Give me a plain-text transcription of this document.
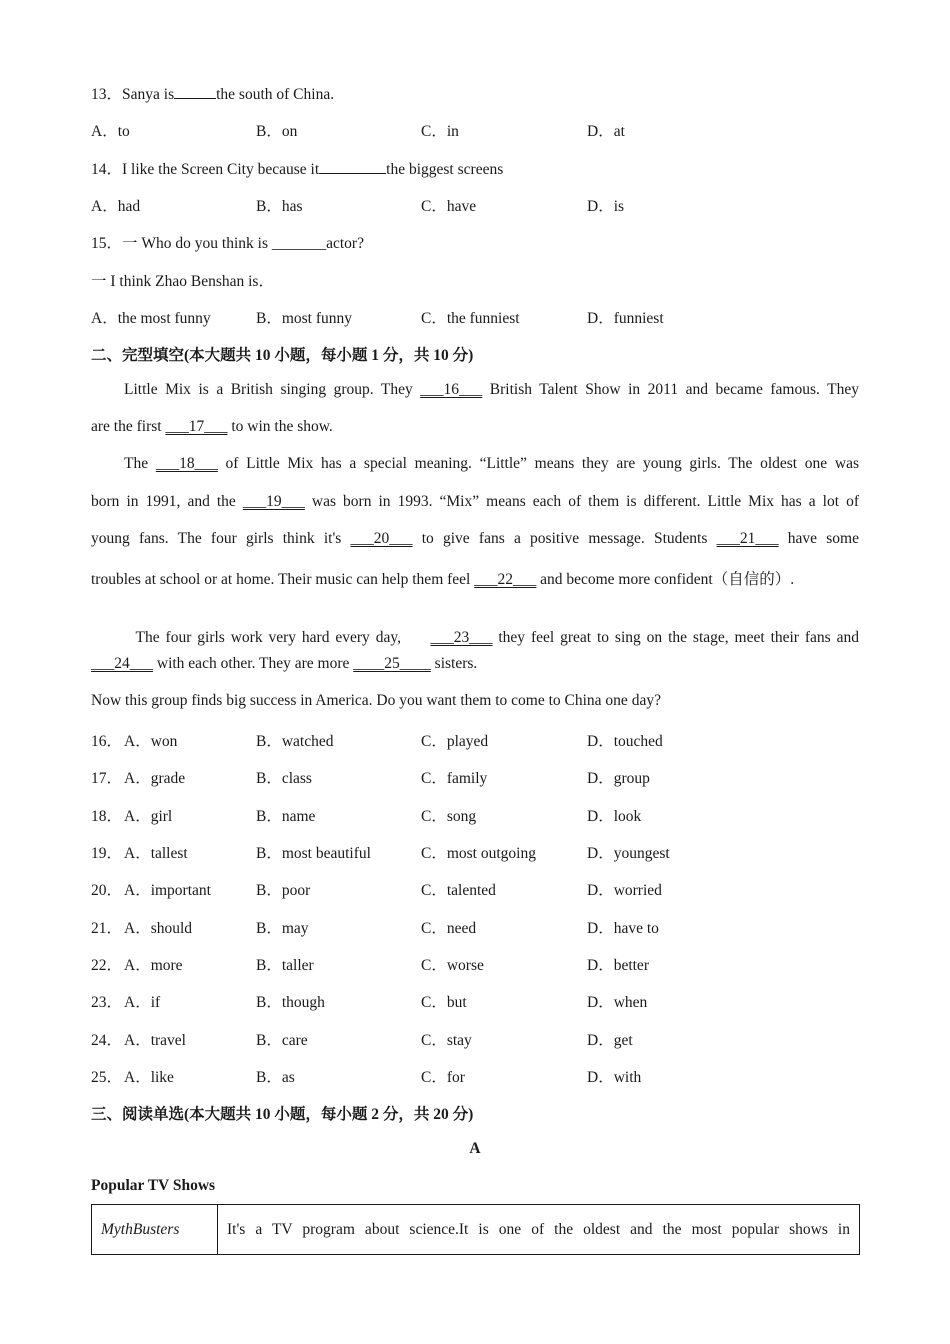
13．Sanya is	the south of China.
A．to	B．on	C．in	D．at
14．I like the Screen City because it	the biggest screens
A．had	B．has	C．have	D．is
15．一 Who do you think is _______actor?
一 I think Zhao Benshan is．
A．the most funny	B．most funny	C．the funniest	D．funniest
二、完型填空(本大题共 10 小题，每小题 1 分，共 10 分)
Little Mix is a British singing group. They ___16___ British Talent Show in 2011 and became famous. They
are the first ___17___ to win the show.
The ___18___ of Little Mix has a special meaning. “Little” means they are young girls. The oldest one was
born in 1991, and the ___19___ was born in 1993. “Mix” means each of them is different. Little Mix has a lot of
young fans. The four girls think it's ___20___ to give fans a positive message. Students ___21___ have some
troubles at school or at home. Their music can help them feel ___22___ and become more confident（自信的）.

The four girls work very hard every day,     ___23___ they feel great to sing on the stage, meet their fans and

___24___ with each other. They are more ____25____ sisters.
Now this group finds big success in America. Do you want them to come to China one day?
16． A．won	B．watched	C．played	D．touched
17． A．grade	B．class	C．family	D．group
18． A．girl	B．name	C．song	D．look
19． A．tallest	B．most beautiful	C．most outgoing	D．youngest
20． A．important	B．poor	C．talented	D．worried
21． A．should	B．may	C．need	D．have to
22． A．more	B．taller	C．worse	D．better
23． A．if	B．though	C．but	D．when
24． A．travel	B．care	C．stay	D．get
25． A．like	B．as	C．for	D．with
三、阅读单选(本大题共 10 小题，每小题 2 分，共 20 分)
A
Popular TV Shows
MythBusters	It's a TV program about science.It is one of the oldest and the most popular shows in
